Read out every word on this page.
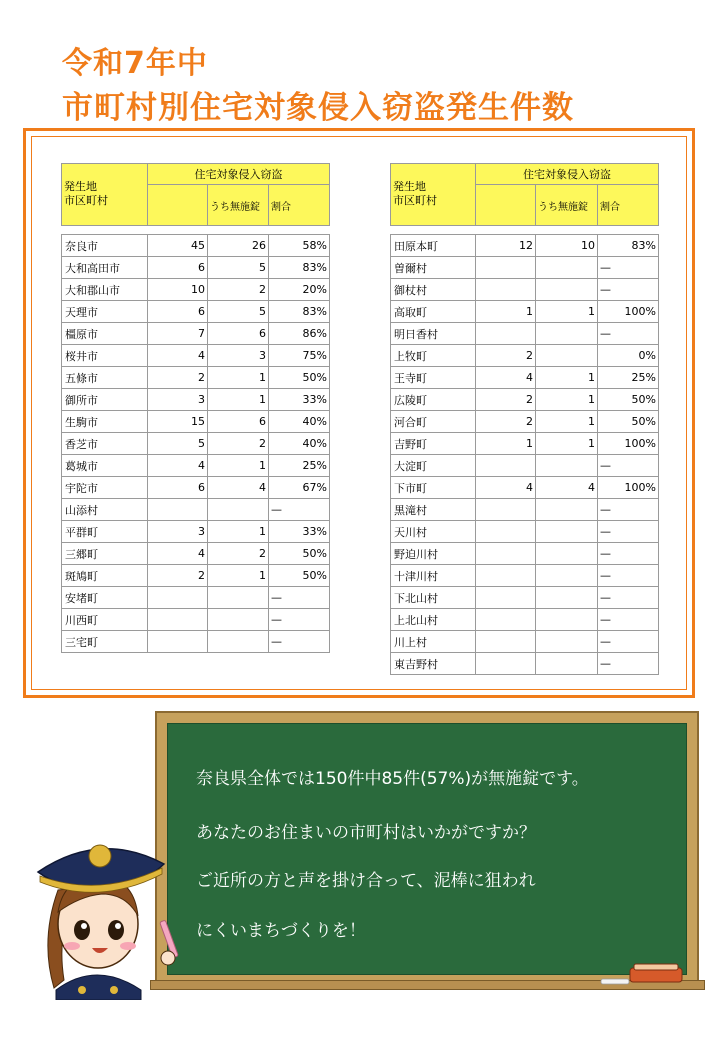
令和7年中
市町村別住宅対象侵入窃盗発生件数
発生地
市区町村	住宅対象侵入窃盗		
		うち無施錠	割合

奈良市	45	26	58%
大和高田市	6	5	83%
大和郡山市	10	2	20%
天理市	6	5	83%
橿原市	7	6	86%
桜井市	4	3	75%
五條市	2	1	50%
御所市	3	1	33%
生駒市	15	6	40%
香芝市	5	2	40%
葛城市	4	1	25%
宇陀市	6	4	67%
山添村			—
平群町	3	1	33%
三郷町	4	2	50%
斑鳩町	2	1	50%
安堵町			—
川西町			—
三宅町			—
発生地
市区町村	住宅対象侵入窃盗		
		うち無施錠	割合

田原本町	12	10	83%
曽爾村			—
御杖村			—
高取町	1	1	100%
明日香村			—
上牧町	2		0%
王寺町	4	1	25%
広陵町	2	1	50%
河合町	2	1	50%
吉野町	1	1	100%
大淀町			—
下市町	4	4	100%
黒滝村			—
天川村			—
野迫川村			—
十津川村			—
下北山村			—
上北山村			—
川上村			—
東吉野村			—

奈良県全体では150件中85件(57%)が無施錠です。

あなたのお住まいの市町村はいかがですか？

ご近所の方と声を掛け合って、泥棒に狙われ

にくいまちづくりを！
